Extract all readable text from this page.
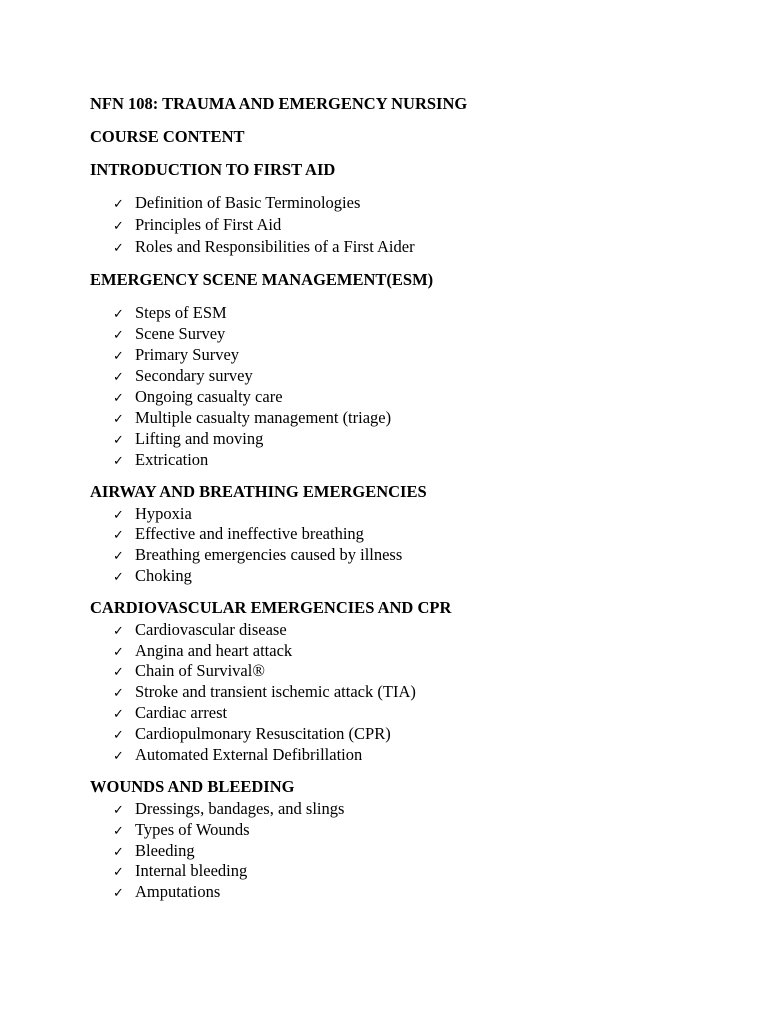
NFN 108: TRAUMA AND EMERGENCY NURSING
COURSE CONTENT
INTRODUCTION TO FIRST AID
✓ Definition of Basic Terminologies
✓ Principles of First Aid
✓ Roles and Responsibilities of a First Aider
EMERGENCY SCENE MANAGEMENT(ESM)
✓ Steps of ESM
✓ Scene Survey
✓ Primary Survey
✓ Secondary survey
✓ Ongoing casualty care
✓ Multiple casualty management (triage)
✓ Lifting and moving
✓ Extrication
AIRWAY AND BREATHING EMERGENCIES
✓ Hypoxia
✓ Effective and ineffective breathing
✓ Breathing emergencies caused by illness
✓ Choking
CARDIOVASCULAR EMERGENCIES AND CPR
✓ Cardiovascular disease
✓ Angina and heart attack
✓ Chain of Survival®
✓ Stroke and transient ischemic attack (TIA)
✓ Cardiac arrest
✓ Cardiopulmonary Resuscitation (CPR)
✓ Automated External Defibrillation
WOUNDS AND BLEEDING
✓ Dressings, bandages, and slings
✓ Types of Wounds
✓ Bleeding
✓ Internal bleeding
✓ Amputations
